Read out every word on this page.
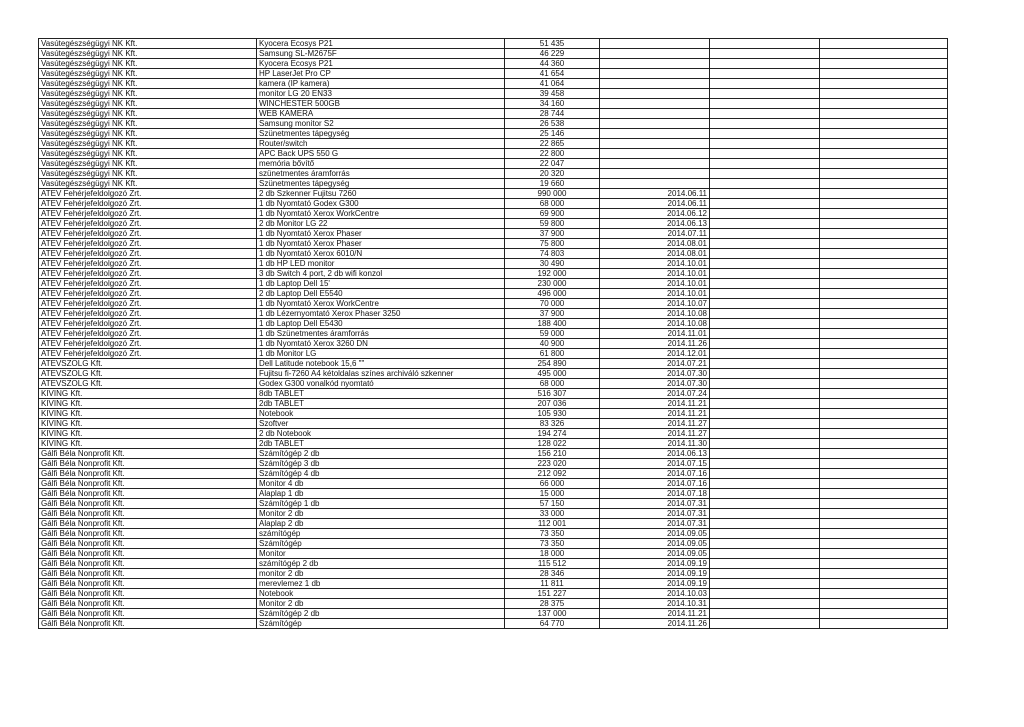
Vasútegészségügyi NK Kft.	Kyocera Ecosys P21	51 435			
Vasútegészségügyi NK Kft.	Samsung SL-M2675F	46 229			
Vasútegészségügyi NK Kft.	Kyocera Ecosys P21	44 360			
Vasútegészségügyi NK Kft.	HP LaserJet Pro CP	41 654			
Vasútegészségügyi NK Kft.	kamera (IP kamera)	41 064			
Vasútegészségügyi NK Kft.	monitor LG 20 EN33	39 458			
Vasútegészségügyi NK Kft.	WINCHESTER 500GB	34 160			
Vasútegészségügyi NK Kft.	WEB KAMERA	28 744			
Vasútegészségügyi NK Kft.	Samsung monitor S2	26 538			
Vasútegészségügyi NK Kft.	Szünetmentes tápegység	25 146			
Vasútegészségügyi NK Kft.	Router/switch	22 865			
Vasútegészségügyi NK Kft.	APC Back UPS 550 G	22 800			
Vasútegészségügyi NK Kft.	memória bővítő	22 047			
Vasútegészségügyi NK Kft.	szünetmentes áramforrás	20 320			
Vasútegészségügyi NK Kft.	Szünetmentes tápegység	19 660			
ATEV Fehérjefeldolgozó Zrt.	2 db Szkenner Fujitsu 7260	990 000	2014.06.11		
ATEV Fehérjefeldolgozó Zrt.	1 db Nyomtató Godex G300	68 000	2014.06.11		
ATEV Fehérjefeldolgozó Zrt.	1 db Nyomtató Xerox WorkCentre	69 900	2014.06.12		
ATEV Fehérjefeldolgozó Zrt.	2 db Monitor LG 22	59 800	2014.06.13		
ATEV Fehérjefeldolgozó Zrt.	1 db Nyomtató Xerox Phaser	37 900	2014.07.11		
ATEV Fehérjefeldolgozó Zrt.	1 db Nyomtató Xerox Phaser	75 800	2014.08.01		
ATEV Fehérjefeldolgozó Zrt.	1 db Nyomtató Xerox 6010/N	74 803	2014.08.01		
ATEV Fehérjefeldolgozó Zrt.	1 db HP LED monitor	30 490	2014.10.01		
ATEV Fehérjefeldolgozó Zrt.	3 db Switch 4 port, 2 db wifi konzol	192 000	2014.10.01		
ATEV Fehérjefeldolgozó Zrt.	1 db Laptop Dell 15'	230 000	2014.10.01		
ATEV Fehérjefeldolgozó Zrt.	2 db Laptop Dell E5540	496 000	2014.10.01		
ATEV Fehérjefeldolgozó Zrt.	1 db Nyomtató Xerox WorkCentre	70 000	2014.10.07		
ATEV Fehérjefeldolgozó Zrt.	1 db Lézernyomtató Xerox Phaser 3250	37 900	2014.10.08		
ATEV Fehérjefeldolgozó Zrt.	1 db Laptop Dell E5430	188 400	2014.10.08		
ATEV Fehérjefeldolgozó Zrt.	1 db Szünetmentes áramforrás	59 000	2014.11.01		
ATEV Fehérjefeldolgozó Zrt.	1 db Nyomtató Xerox 3260 DN	40 900	2014.11.26		
ATEV Fehérjefeldolgozó Zrt.	1 db Monitor LG	61 800	2014.12.01		
ATEVSZOLG Kft.	Dell Latitude notebook 15,6 ""	254 890	2014.07.21		
ATEVSZOLG Kft.	Fujitsu fi-7260 A4 kétoldalas színes archiváló szkenner	495 000	2014.07.30		
ATEVSZOLG Kft.	Godex G300 vonalkód nyomtató	68 000	2014.07.30		
KIVING Kft.	8db TABLET	516 307	2014.07.24		
KIVING Kft.	2db TABLET	207 036	2014.11.21		
KIVING Kft.	Notebook	105 930	2014.11.21		
KIVING Kft.	Szoftver	83 326	2014.11.27		
KIVING Kft.	2 db Notebook	194 274	2014.11.27		
KIVING Kft.	2db TABLET	128 022	2014.11.30		
Gálfi Béla Nonprofit Kft.	Számítógép 2 db	156 210	2014.06.13		
Gálfi Béla Nonprofit Kft.	Számítógép 3 db	223 020	2014.07.15		
Gálfi Béla Nonprofit Kft.	Számítógép 4 db	212 092	2014.07.16		
Gálfi Béla Nonprofit Kft.	Monitor 4 db	66 000	2014.07.16		
Gálfi Béla Nonprofit Kft.	Alaplap 1 db	15 000	2014.07.18		
Gálfi Béla Nonprofit Kft.	Számítógép 1 db	57 150	2014.07.31		
Gálfi Béla Nonprofit Kft.	Monitor 2 db	33 000	2014.07.31		
Gálfi Béla Nonprofit Kft.	Alaplap 2 db	112 001	2014.07.31		
Gálfi Béla Nonprofit Kft.	számítógép	73 350	2014.09.05		
Gálfi Béla Nonprofit Kft.	Számítógép	73 350	2014.09.05		
Gálfi Béla Nonprofit Kft.	Monitor	18 000	2014.09.05		
Gálfi Béla Nonprofit Kft.	számítógép 2 db	115 512	2014.09.19		
Gálfi Béla Nonprofit Kft.	monitor 2 db	28 346	2014.09.19		
Gálfi Béla Nonprofit Kft.	merevlemez 1 db	11 811	2014.09.19		
Gálfi Béla Nonprofit Kft.	Notebook	151 227	2014.10.03		
Gálfi Béla Nonprofit Kft.	Monitor 2 db	28 375	2014.10.31		
Gálfi Béla Nonprofit Kft.	Számítógép 2 db	137 000	2014.11.21		
Gálfi Béla Nonprofit Kft.	Számítógép	64 770	2014.11.26		
